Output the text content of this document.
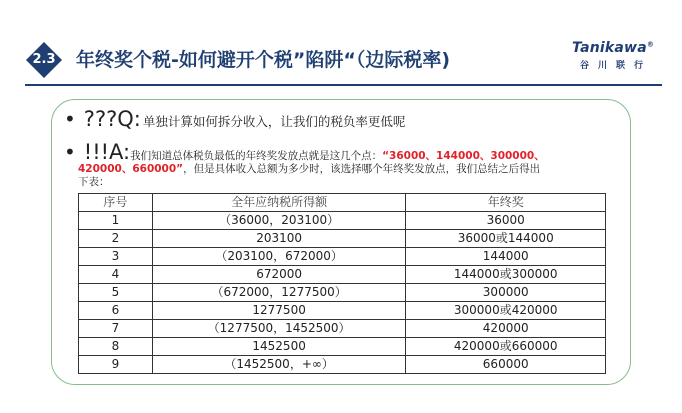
2.3	年终奖个税-如何避开个税”陷阱“（边际税率)
Tanikawa®
谷川联行
• ???Q: 单独计算如何拆分收入，让我们的税负率更低呢
• !!!A: 我们知道总体税负最低的年终奖发放点就是这几个点： “36000、144000、300000、
420000、660000”，但是具体收入总额为多少时，该选择哪个年终奖发放点，我们总结之后得出
下表：
序号	全年应纳税所得额	年终奖
1	（36000，203100）	36000
2	203100	36000或144000
3	（203100，672000）	144000
4	672000	144000或300000
5	（672000，1277500）	300000
6	1277500	300000或420000
7	（1277500，1452500）	420000
8	1452500	420000或660000
9	（1452500，+∞）	660000
